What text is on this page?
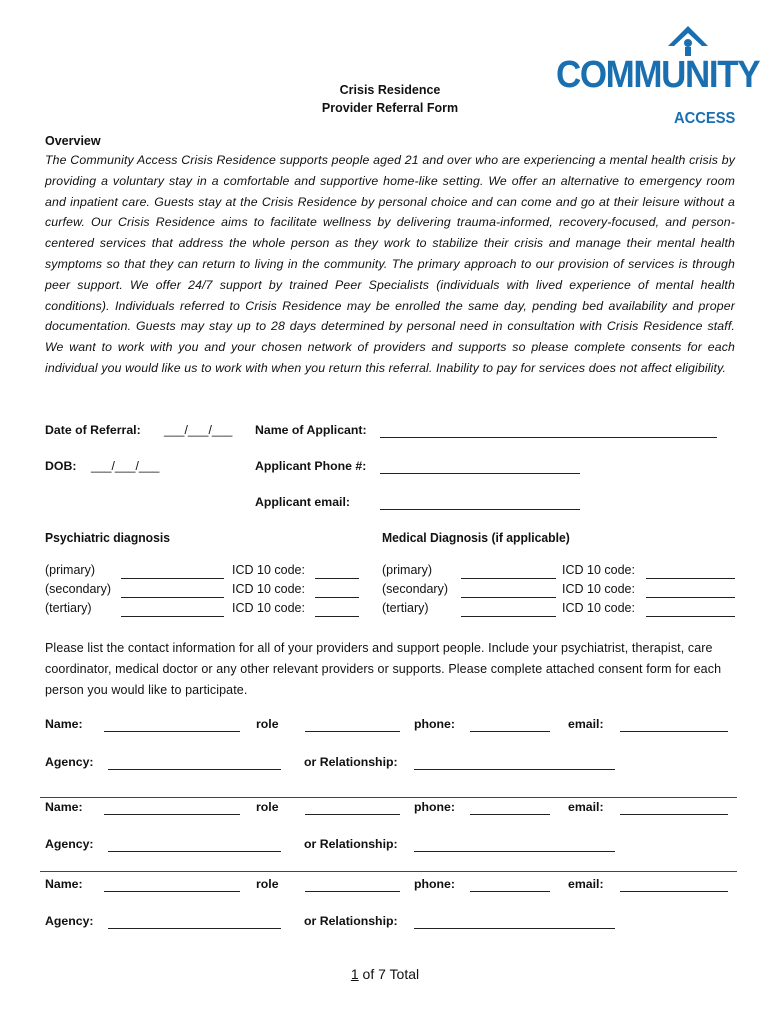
Crisis Residence
Provider Referral Form
COMMUNITY
ACCESS
Overview
The Community Access Crisis Residence supports people aged 21 and over who are experiencing a mental health crisis by providing a voluntary stay in a comfortable and supportive home-like setting. We offer an alternative to emergency room and inpatient care. Guests stay at the Crisis Residence by personal choice and can come and go at their leisure without a curfew. Our Crisis Residence aims to facilitate wellness by delivering trauma-informed, recovery-focused, and person-centered services that address the whole person as they work to stabilize their crisis and manage their mental health symptoms so that they can return to living in the community. The primary approach to our provision of services is through peer support. We offer 24/7 support by trained Peer Specialists (individuals with lived experience of mental health conditions). Individuals referred to Crisis Residence may be enrolled the same day, pending bed availability and proper documentation. Guests may stay up to 28 days determined by personal need in consultation with Crisis Residence staff. We want to work with you and your chosen network of providers and supports so please complete consents for each individual you would like us to work with when you return this referral. Inability to pay for services does not affect eligibility.
Date of Referral: ___/___/___ Name of Applicant:
DOB: ___/___/___	Applicant Phone #:
Applicant email:
Psychiatric diagnosis	Medical Diagnosis (if applicable)
(primary)	ICD 10 code:
(secondary)	ICD 10 code:
(tertiary)	ICD 10 code:
(primary)	ICD 10 code:
(secondary)	ICD 10 code:
(tertiary)	ICD 10 code:
Please list the contact information for all of your providers and support people. Include your psychiatrist, therapist, care coordinator, medical doctor or any other relevant providers or supports. Please complete attached consent form for each person you would like to participate.
Name:	role	phone:	email:
Agency:	or Relationship:
Name:	role	phone:	email:
Agency:	or Relationship:
Name:	role	phone:	email:
Agency:	or Relationship:
1 of 7 Total
